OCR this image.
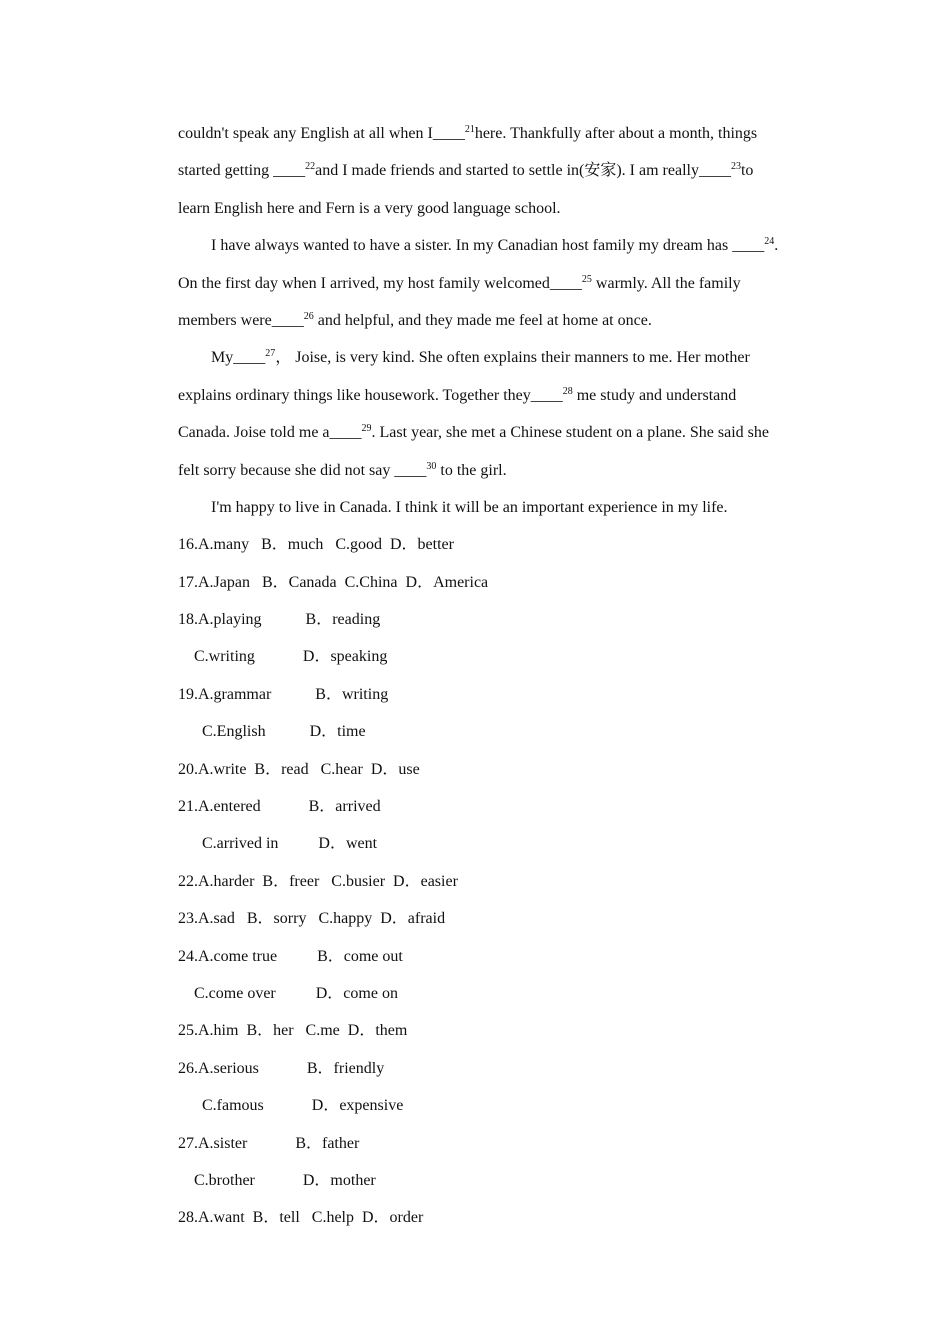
couldn't speak any English at all when I____$^{21}$here. Thankfully after about a month, things
started getting ____$^{22}$and I made friends and started to settle in(安家). I am really____$^{23}$to
learn English here and Fern is a very good language school.
I have always wanted to have a sister. In my Canadian host family my dream has ____$^{24}$.
On the first day when I arrived, my host family welcomed____$^{25}$ warmly. All the family
members were____$^{26}$ and helpful, and they made me feel at home at once.
My____$^{27}$， Joise, is very kind. She often explains their manners to me. Her mother
explains ordinary things like housework. Together they____$^{28}$ me study and understand
Canada. Joise told me a____$^{29}$. Last year, she met a Chinese student on a plane. She said she
felt sorry because she did not say ____$^{30}$ to the girl.
I'm happy to live in Canada. I think it will be an important experience in my life.
16.A.many   B．much   C.good  D．better
17.A.Japan   B．Canada  C.China  D．America
18.A.playing           B．reading
C.writing            D．speaking
19.A.grammar           B．writing
C.English           D．time
20.A.write  B．read   C.hear  D．use
21.A.entered            B．arrived
C.arrived in          D．went
22.A.harder  B．freer   C.busier  D．easier
23.A.sad   B．sorry   C.happy  D．afraid
24.A.come true          B．come out
C.come over          D．come on
25.A.him  B．her   C.me  D．them
26.A.serious            B．friendly
C.famous            D．expensive
27.A.sister            B．father
C.brother            D．mother
28.A.want  B．tell   C.help  D．order
